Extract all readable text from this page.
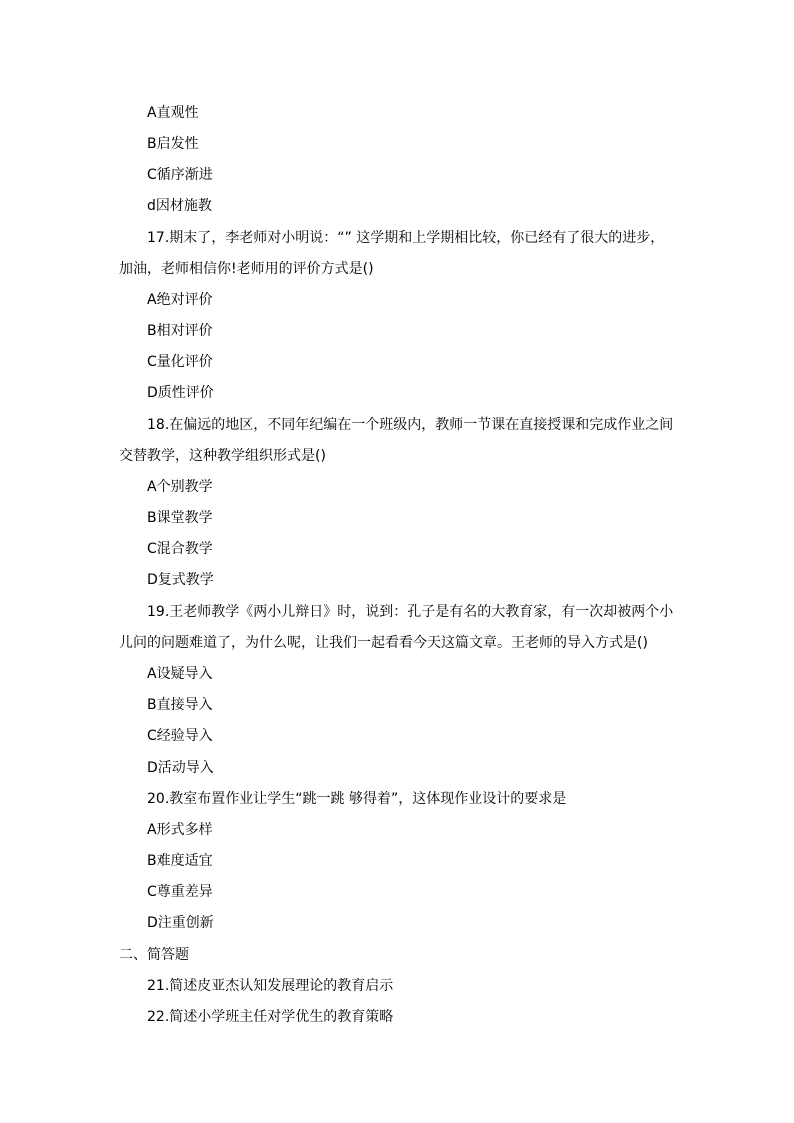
A直观性
B启发性
C循序渐进
d因材施教
17.期末了，李老师对小明说：“” 这学期和上学期相比较，你已经有了很大的进步，
加油，老师相信你!老师用的评价方式是()
A绝对评价
B相对评价
C量化评价
D质性评价
18.在偏远的地区，不同年纪编在一个班级内，教师一节课在直接授课和完成作业之间
交替教学，这种教学组织形式是()
A个别教学
B课堂教学
C混合教学
D复式教学
19.王老师教学《两小儿辩日》时，说到：孔子是有名的大教育家，有一次却被两个小
儿问的问题难道了，为什么呢，让我们一起看看今天这篇文章。王老师的导入方式是()
A设疑导入
B直接导入
C经验导入
D活动导入
20.教室布置作业让学生“跳一跳 够得着”，这体现作业设计的要求是
A形式多样
B难度适宜
C尊重差异
D注重创新
二、简答题
21.简述皮亚杰认知发展理论的教育启示
22.简述小学班主任对学优生的教育策略
